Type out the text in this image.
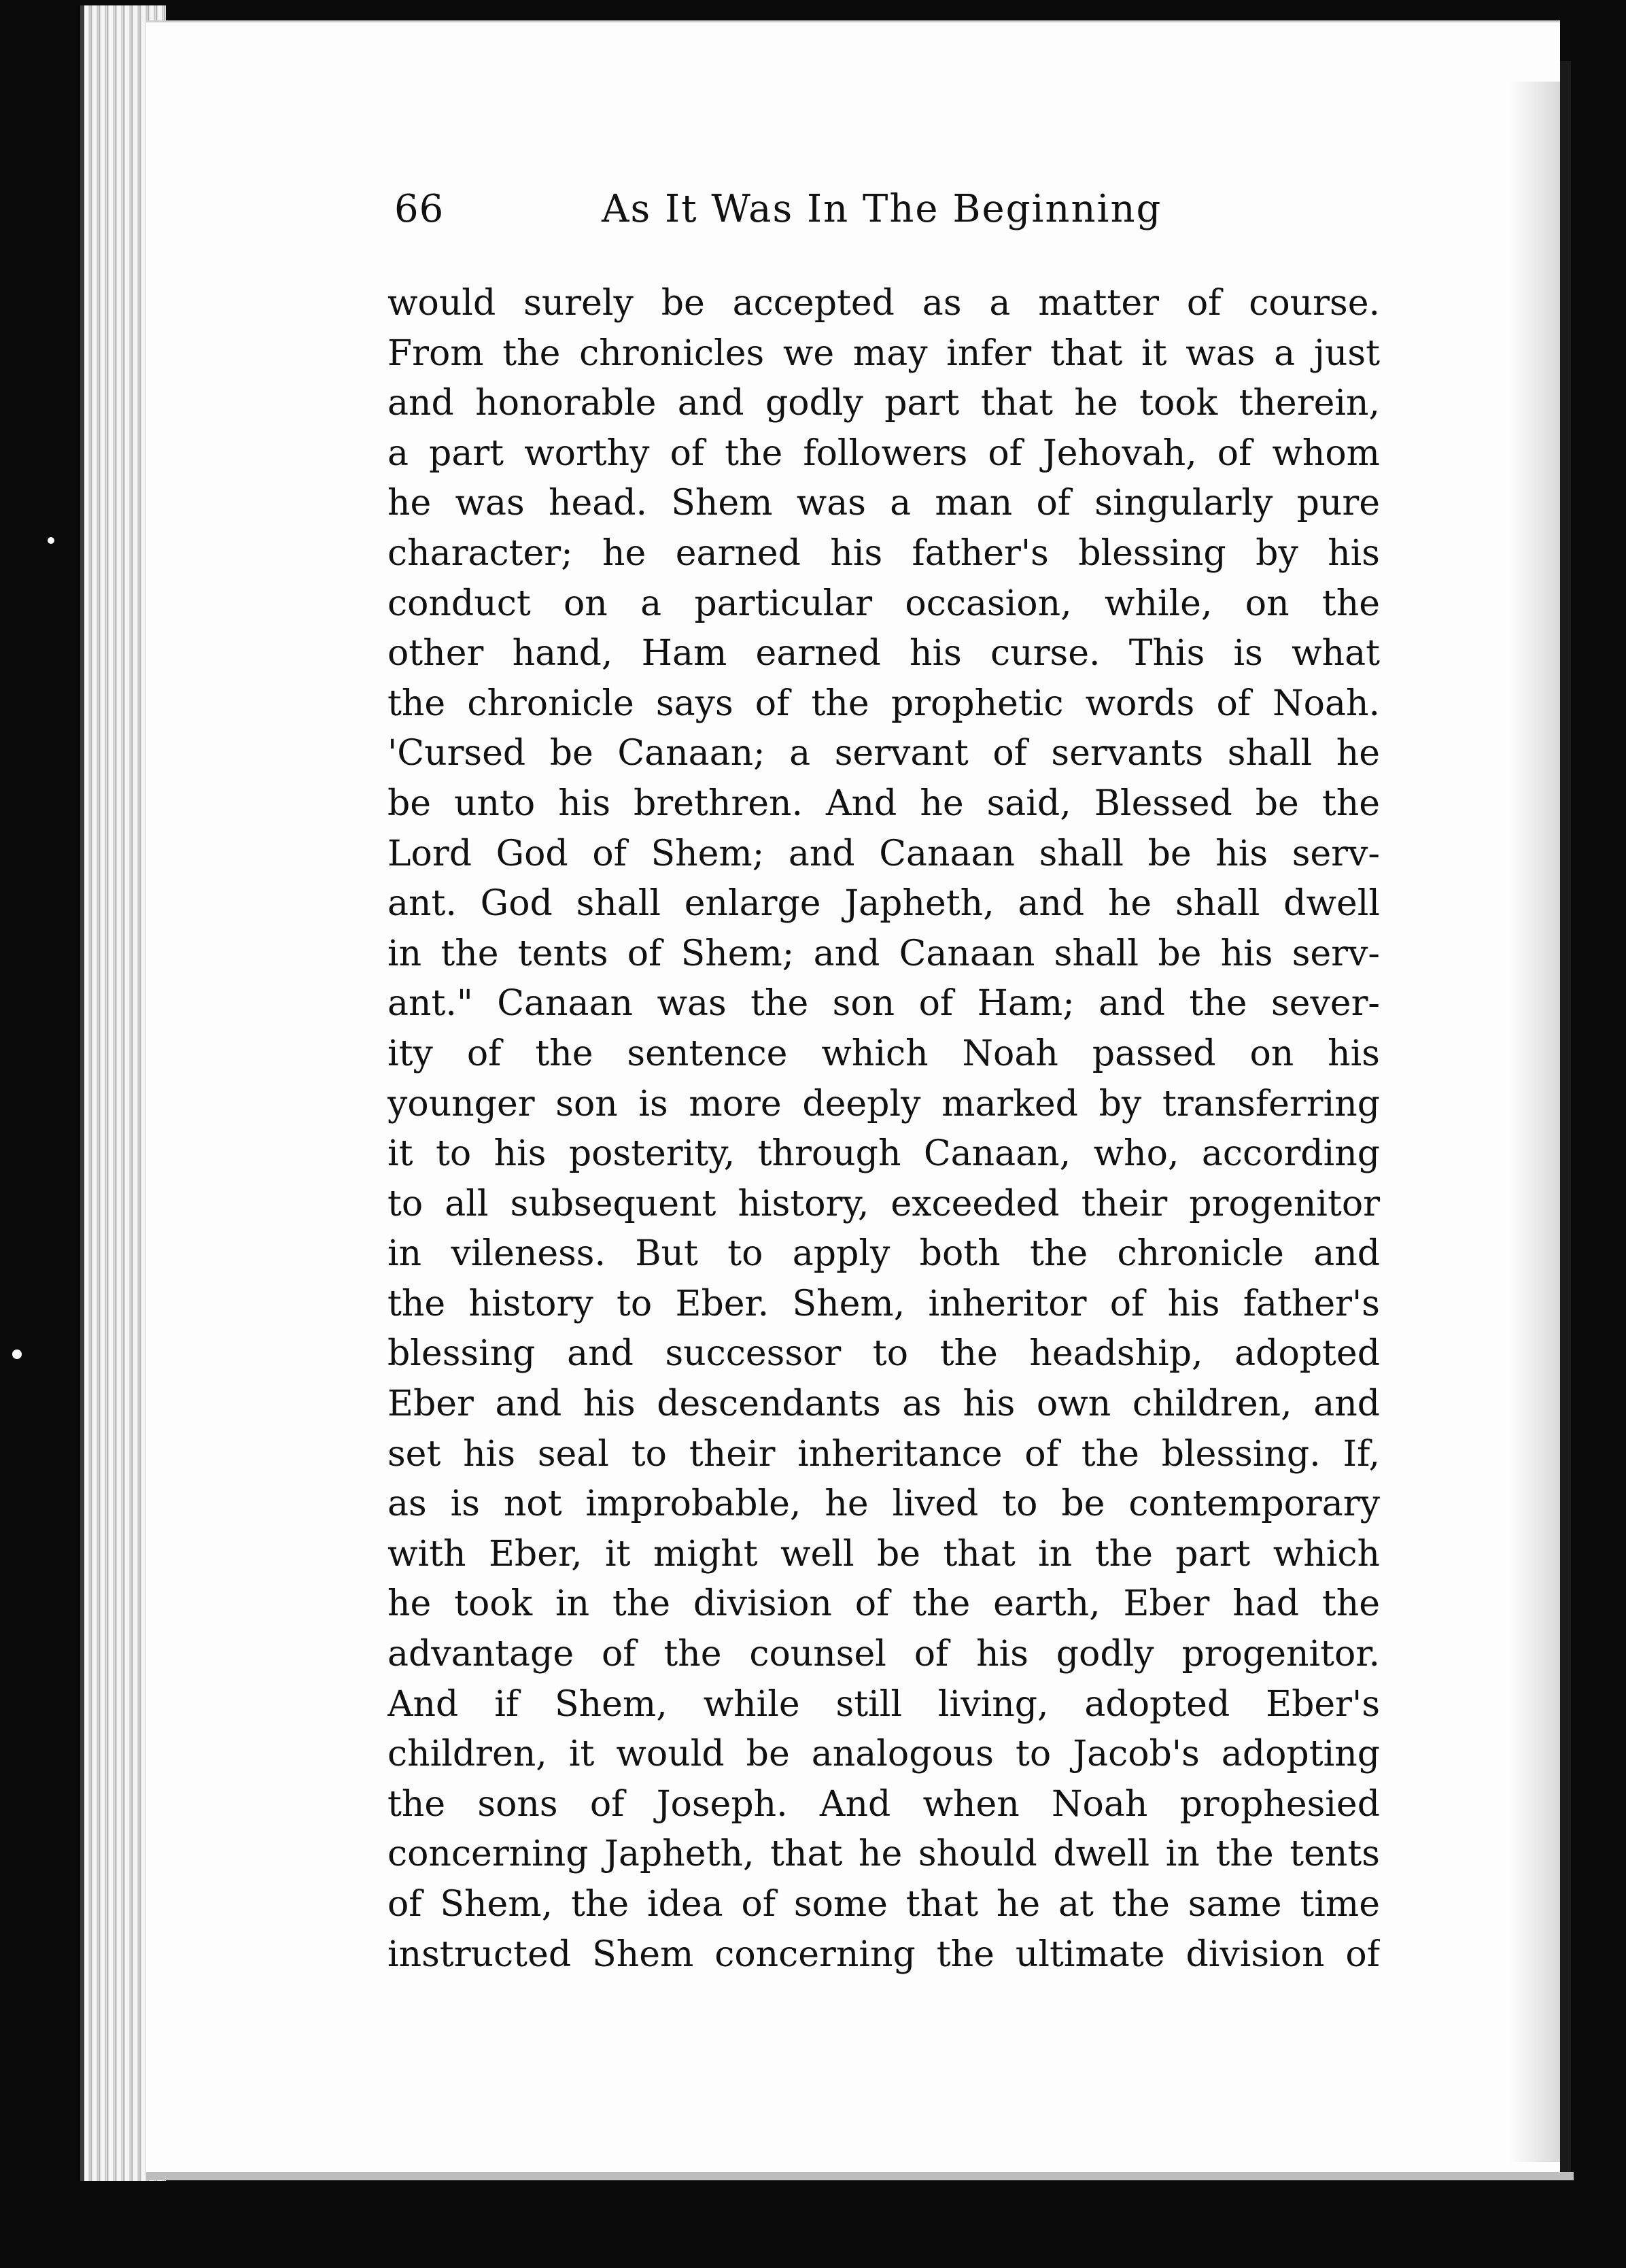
66	As It Was In The Beginning
would surely be accepted as a matter of course.
From the chronicles we may infer that it was a just
and honorable and godly part that he took therein,
a part worthy of the followers of Jehovah, of whom
he was head. Shem was a man of singularly pure
character; he earned his father's blessing by his
conduct on a particular occasion, while, on the
other hand, Ham earned his curse. This is what
the chronicle says of the prophetic words of Noah.
'Cursed be Canaan; a servant of servants shall he
be unto his brethren. And he said, Blessed be the
Lord God of Shem; and Canaan shall be his serv-
ant. God shall enlarge Japheth, and he shall dwell
in the tents of Shem; and Canaan shall be his serv-
ant." Canaan was the son of Ham; and the sever-
ity of the sentence which Noah passed on his
younger son is more deeply marked by transferring
it to his posterity, through Canaan, who, according
to all subsequent history, exceeded their progenitor
in vileness. But to apply both the chronicle and
the history to Eber. Shem, inheritor of his father's
blessing and successor to the headship, adopted
Eber and his descendants as his own children, and
set his seal to their inheritance of the blessing. If,
as is not improbable, he lived to be contemporary
with Eber, it might well be that in the part which
he took in the division of the earth, Eber had the
advantage of the counsel of his godly progenitor.
And if Shem, while still living, adopted Eber's
children, it would be analogous to Jacob's adopting
the sons of Joseph. And when Noah prophesied
concerning Japheth, that he should dwell in the tents
of Shem, the idea of some that he at the same time
instructed Shem concerning the ultimate division of
